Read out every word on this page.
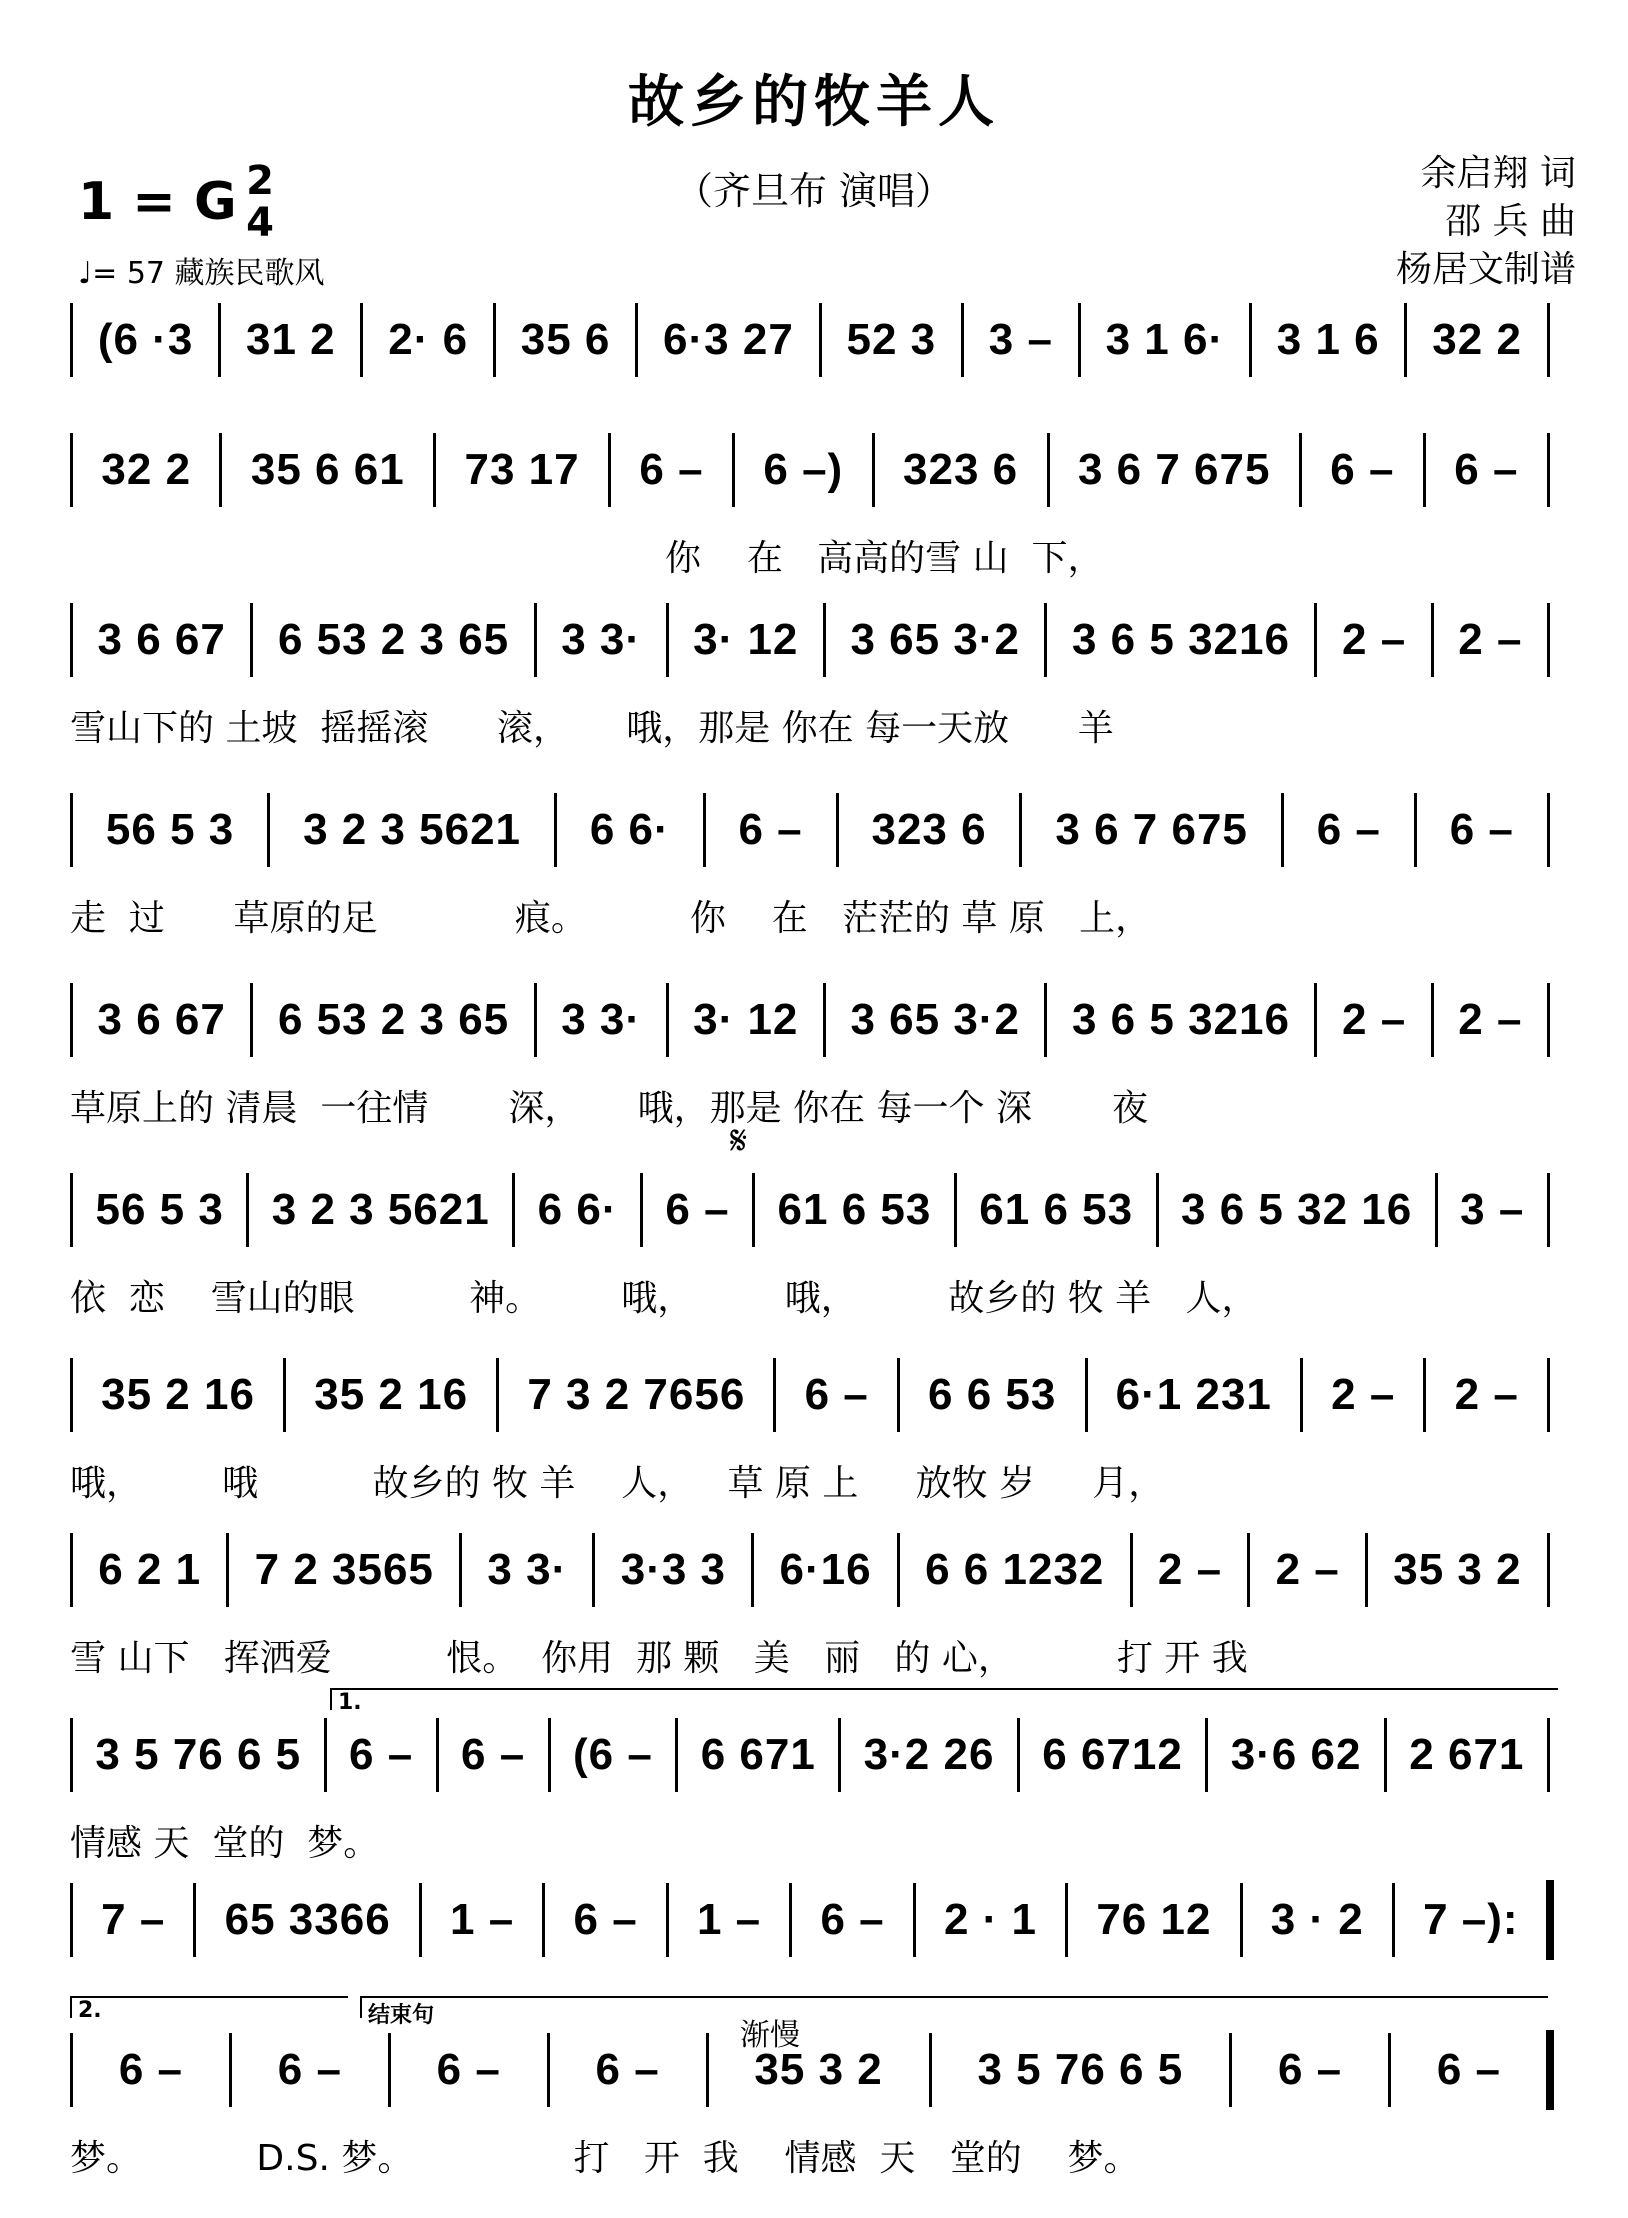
故乡的牧羊人
（齐旦布 演唱）
1 = G 2
4
♩= 57 藏族民歌风
余启翔 词
邵 兵 曲
杨居文制谱
(6 ·3 31 2 2· 6 35 6 6·3 27 52 3 3 – 3 1 6· 3 1 6 32 2
32 2 35 6 61 73 17 6 – 6 –) 323 6 3 6 7 675 6 – 6 –
你    在   高高的雪 山  下，
3 6 67 6 53 2 3 65 3 3· 3· 12 3 65 3·2 3 6 5 3216 2 – 2 –
雪山下的 土坡  摇摇滚      滚，     哦，那是 你在 每一天放      羊
56 5 3 3 2 3 5621 6 6· 6 – 323 6 3 6 7 675 6 – 6 –
走  过      草原的足            痕。         你    在   茫茫的 草 原   上，
3 6 67 6 53 2 3 65 3 3· 3· 12 3 65 3·2 3 6 5 3216 2 – 2 –
草原上的 清晨  一往情       深，     哦，那是 你在 每一个 深       夜
56 5 3 3 2 3 5621 6 6· 6 – 61 6 53 61 6 53 3 6 5 32 16 3 –
依  恋    雪山的眼          神。       哦，        哦，        故乡的 牧 羊   人，
35 2 16 35 2 16 7 3 2 7656 6 – 6 6 53 6·1 231 2 – 2 –
哦，       哦          故乡的 牧 羊    人，   草 原 上     放牧 岁     月，
6 2 1 7 2 3565 3 3· 3·3 3 6·16 6 6 1232 2 – 2 – 35 3 2
雪 山下   挥洒爱          恨。  你用  那 颗   美   丽   的 心，         打 开 我
3 5 76 6 5 6 – 6 – (6 – 6 671 3·2 26 6 6712 3·6 62 2 671
情感 天  堂的  梦。
7 – 65 3366 1 – 6 – 1 – 6 – 2 · 1 76 12 3 · 2 7 –):
6 – 6 – 6 – 6 – 35 3 2 3 5 76 6 5 6 – 6 –
梦。          D.S. 梦。              打   开  我    情感  天   堂的    梦。
𝄋
1.
2.	结束句
渐慢
